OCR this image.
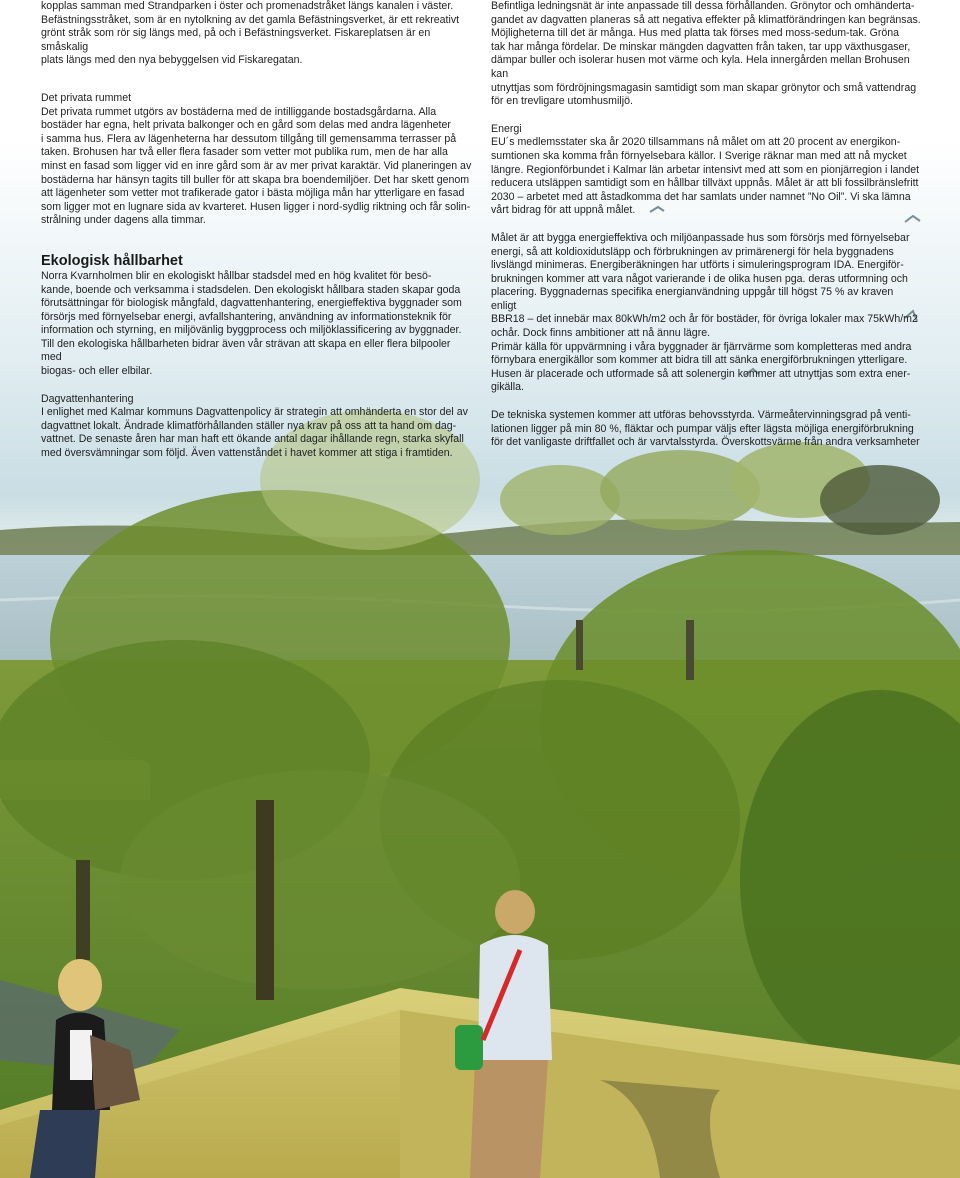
kopplas samman med Strandparken i öster och promenadstråket längs kanalen i väster.
Befästningsstråket, som är en nytolkning av det gamla Befästningsverket, är ett rekreativt
grönt stråk som rör sig längs med, på och i Befästningsverket. Fiskareplatsen är en småskalig
plats längs med den nya bebyggelsen vid Fiskaregatan.

Det privata rummet

Det privata rummet utgörs av bostäderna med de intilliggande bostadsgårdarna. Alla
bostäder har egna, helt privata balkonger och en gård som delas med andra lägenheter
i samma hus. Flera av lägenheterna har dessutom tillgång till gemensamma terrasser på
taken. Brohusen har två eller flera fasader som vetter mot publika rum, men de har alla
minst en fasad som ligger vid en inre gård som är av mer privat karaktär. Vid planeringen av
bostäderna har hänsyn tagits till buller för att skapa bra boendemiljöer. Det har skett genom
att lägenheter som vetter mot trafikerade gator i bästa möjliga mån har ytterligare en fasad
som ligger mot en lugnare sida av kvarteret. Husen ligger i nord-sydlig riktning och får solin-
strålning under dagens alla timmar.

Ekologisk hållbarhet

Norra Kvarnholmen blir en ekologiskt hållbar stadsdel med en hög kvalitet för besö-
kande, boende och verksamma i stadsdelen. Den ekologiskt hållbara staden skapar goda
förutsättningar för biologisk mångfald, dagvattenhantering, energieffektiva byggnader som
försörjs med förnyelsebar energi, avfallshantering, användning av informationsteknik för
information och styrning, en miljövänlig byggprocess och miljöklassificering av byggnader.
Till den ekologiska hållbarheten bidrar även vår strävan att skapa en eller flera bilpooler med
biogas- och eller elbilar.

Dagvattenhantering

I enlighet med Kalmar kommuns Dagvattenpolicy är strategin att omhänderta en stor del av
dagvattnet lokalt. Ändrade klimatförhållanden ställer nya krav på oss att ta hand om dag-
vattnet. De senaste åren har man haft ett ökande antal dagar ihållande regn, starka skyfall
med översvämningar som följd. Även vattenståndet i havet kommer att stiga i framtiden.

Befintliga ledningsnät är inte anpassade till dessa förhållanden. Grönytor och omhänderta-
gandet av dagvatten planeras så att negativa effekter på klimatförändringen kan begränsas.
Möjligheterna till det är många. Hus med platta tak förses med moss-sedum-tak. Gröna
tak har många fördelar. De minskar mängden dagvatten från taken, tar upp växthusgaser,
dämpar buller och isolerar husen mot värme och kyla. Hela innergården mellan Brohusen kan
utnyttjas som fördröjningsmagasin samtidigt som man skapar grönytor och små vattendrag
för en trevligare utomhusmiljö.

Energi

EU´s medlemsstater ska år 2020 tillsammans nå målet om att 20 procent av energikon-
sumtionen ska komma från förnyelsebara källor. I Sverige räknar man med att nå mycket
längre. Regionförbundet i Kalmar län arbetar intensivt med att som en pionjärregion i landet
reducera utsläppen samtidigt som en hållbar tillväxt uppnås. Målet är att bli fossilbränslefritt
2030 – arbetet med att åstadkomma det har samlats under namnet ”No Oil”. Vi ska lämna
vårt bidrag för att uppnå målet.

Målet är att bygga energieffektiva och miljöanpassade hus som försörjs med förnyelsebar
energi, så att koldioxidutsläpp och förbrukningen av primärenergi för hela byggnadens
livslängd minimeras. Energiberäkningen har utförts i simuleringsprogram IDA. Energiför-
brukningen kommer att vara något varierande i de olika husen pga. deras utformning och
placering. Byggnadernas specifika energianvändning uppgår till högst 75 % av kraven enligt
BBR18 – det innebär max 80kWh/m2 och år för bostäder, för övriga lokaler max 75kWh/m2
ochår. Dock finns ambitioner att nå ännu lägre.
Primär källa för uppvärmning i våra byggnader är fjärrvärme som kompletteras med andra
förnybara energikällor som kommer att bidra till att sänka energiförbrukningen ytterligare.
Husen är placerade och utformade så att solenergin kommer att utnyttjas som extra ener-
gikälla.

De tekniska systemen kommer att utföras behovsstyrda. Värmeåtervinningsgrad på venti-
lationen ligger på min 80 %, fläktar och pumpar väljs efter lägsta möjliga energiförbrukning
för det vanligaste driftfallet och är varvtalsstyrda. Överskottsvärme från andra verksamheter
